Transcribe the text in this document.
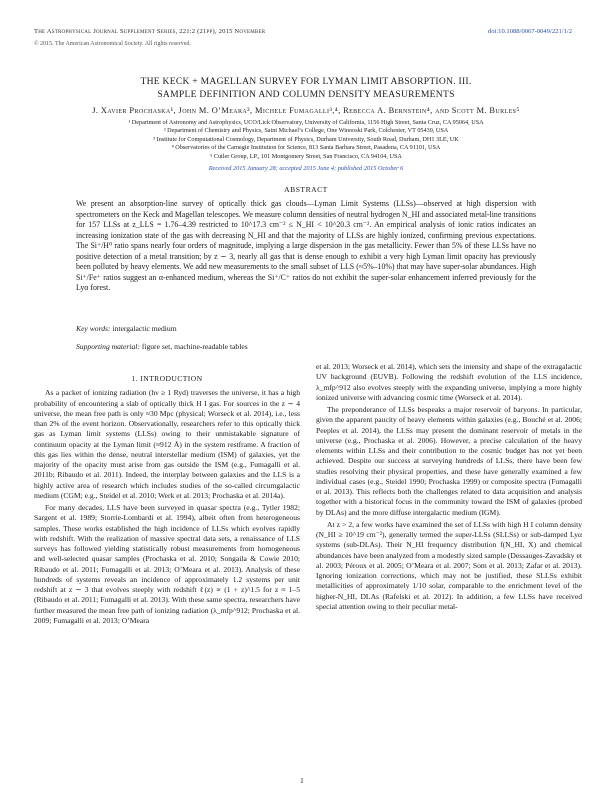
The Astrophysical Journal Supplement Series, 221:2 (21pp), 2015 November	doi:10.1088/0067-0049/221/1/2
© 2015. The American Astronomical Society. All rights reserved.
THE KECK + MAGELLAN SURVEY FOR LYMAN LIMIT ABSORPTION. III.
SAMPLE DEFINITION AND COLUMN DENSITY MEASUREMENTS
J. Xavier Prochaska¹, John M. O’Meara², Michele Fumagalli³,⁴, Rebecca A. Bernstein⁴, and Scott M. Burles⁵
¹ Department of Astronomy and Astrophysics, UCO/Lick Observatory, University of California, 1156 High Street, Santa Cruz, CA 95064, USA
² Department of Chemistry and Physics, Saint Michael’s College, One Winooski Park, Colchester, VT 05439, USA
³ Institute for Computational Cosmology, Department of Physics, Durham University, South Road, Durham, DH1 3LE, UK
⁴ Observatories of the Carnegie Institution for Science, 813 Santa Barbara Street, Pasadena, CA 91101, USA
⁵ Cutler Group, LP., 101 Montgomery Street, San Francisco, CA 94104, USA
Received 2015 January 28; accepted 2015 June 4; published 2015 October 6
ABSTRACT

We present an absorption-line survey of optically thick gas clouds—Lyman Limit Systems (LLSs)—observed at high dispersion with spectrometers on the Keck and Magellan telescopes. We measure column densities of neutral hydrogen N_HI and associated metal-line transitions for 157 LLSs at z_LLS = 1.76–4.39 restricted to 10^17.3 cm⁻² ≤ N_HI < 10^20.3 cm⁻². An empirical analysis of ionic ratios indicates an increasing ionization state of the gas with decreasing N_HI and that the majority of LLSs are highly ionized, confirming previous expectations. The Si⁺/H⁰ ratio spans nearly four orders of magnitude, implying a large dispersion in the gas metallicity. Fewer than 5% of these LLSs have no positive detection of a metal transition; by z ∼ 3, nearly all gas that is dense enough to exhibit a very high Lyman limit opacity has previously been polluted by heavy elements. We add new measurements to the small subset of LLS (≈5%–10%) that may have super-solar abundances. High Si⁺/Fe⁺ ratios suggest an α-enhanced medium, whereas the Si⁺/C⁺ ratios do not exhibit the super-solar enhancement inferred previously for the Lyα forest.

Key words: intergalactic medium
Supporting material: figure set, machine-readable tables
1. INTRODUCTION

As a packet of ionizing radiation (hν ≥ 1 Ryd) traverses the universe, it has a high probability of encountering a slab of optically thick H I gas. For sources in the z ∼ 4 universe, the mean free path is only ≈30 Mpc (physical; Worseck et al. 2014), i.e., less than 2% of the event horizon. Observationally, researchers refer to this optically thick gas as Lyman limit systems (LLSs) owing to their unmistakable signature of continuum opacity at the Lyman limit (≈912 Å) in the system restframe. A fraction of this gas lies within the dense, neutral interstellar medium (ISM) of galaxies, yet the majority of the opacity must arise from gas outside the ISM (e.g., Fumagalli et al. 2011b; Ribaudo et al. 2011). Indeed, the interplay between galaxies and the LLS is a highly active area of research which includes studies of the so-called circumgalactic medium (CGM; e.g., Steidel et al. 2010; Werk et al. 2013; Prochaska et al. 2014a).

For many decades, LLS have been surveyed in quasar spectra (e.g., Tytler 1982; Sargent et al. 1989; Storrie-Lombardi et al. 1994), albeit often from heterogeneous samples. These works established the high incidence of LLSs which evolves rapidly with redshift. With the realization of massive spectral data sets, a renaissance of LLS surveys has followed yielding statistically robust measurements from homogeneous and well-selected quasar samples (Prochaska et al. 2010; Songaila & Cowie 2010; Ribaudo et al. 2011; Fumagalli et al. 2013; O’Meara et al. 2013). Analysis of these hundreds of systems reveals an incidence of approximately 1.2 systems per unit redshift at z ∼ 3 that evolves steeply with redshift ℓ(z) ∝ (1 + z)^1.5 for z ≈ 1–5 (Ribaudo et al. 2011; Fumagalli et al. 2013). With these same spectra, researchers have further measured the mean free path of ionizing radiation (λ_mfp^912; Prochaska et al. 2009; Fumagalli et al. 2013; O’Meara

et al. 2013; Worseck et al. 2014), which sets the intensity and shape of the extragalactic UV background (EUVB). Following the redshift evolution of the LLS incidence, λ_mfp^912 also evolves steeply with the expanding universe, implying a more highly ionized universe with advancing cosmic time (Worseck et al. 2014).

The preponderance of LLSs bespeaks a major reservoir of baryons. In particular, given the apparent paucity of heavy elements within galaxies (e.g., Bouché et al. 2006; Peeples et al. 2014), the LLSs may present the dominant reservoir of metals in the universe (e.g., Prochaska et al. 2006). However, a precise calculation of the heavy elements within LLSs and their contribution to the cosmic budget has not yet been achieved. Despite our success at surveying hundreds of LLSs, there have been few studies resolving their physical properties, and these have generally examined a few individual cases (e.g., Steidel 1990; Prochaska 1999) or composite spectra (Fumagalli et al. 2013). This reflects both the challenges related to data acquisition and analysis together with a historical focus in the community toward the ISM of galaxies (probed by DLAs) and the more diffuse intergalactic medium (IGM).

At z > 2, a few works have examined the set of LLSs with high H I column density (N_HI ≥ 10^19 cm⁻²), generally termed the super-LLSs (SLLSs) or sub-damped Lyα systems (sub-DLAs). Their N_HI frequency distribution f(N_HI, X) and chemical abundances have been analyzed from a modestly sized sample (Dessauges-Zavadsky et al. 2003; Péroux et al. 2005; O’Meara et al. 2007; Som et al. 2013; Zafar et al. 2013). Ignoring ionization corrections, which may not be justified, these SLLSs exhibit metallicities of approximately 1/10 solar, comparable to the enrichment level of the higher-N_HI, DLAs (Rafelski et al. 2012). In addition, a few LLSs have received special attention owing to their peculiar metal-

1
